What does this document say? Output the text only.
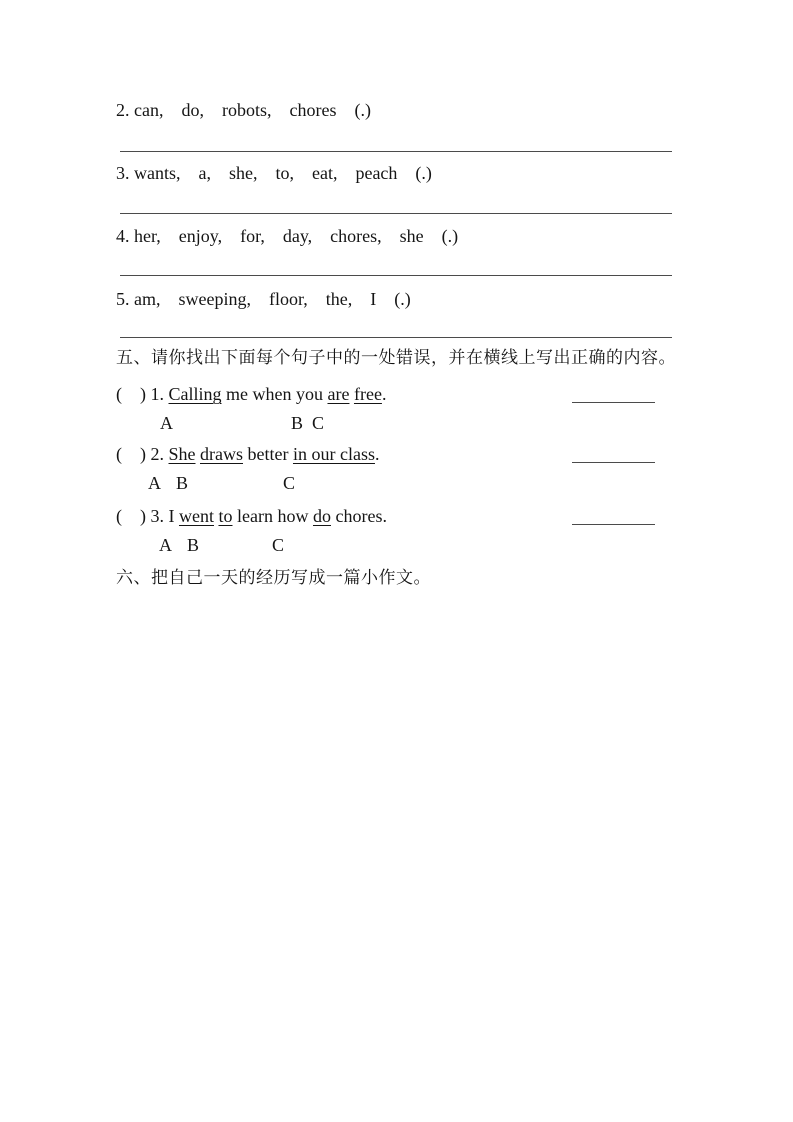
2. can,    do,    robots,    chores    (.)
3. wants,    a,    she,    to,    eat,    peach    (.)
4. her,    enjoy,    for,    day,    chores,    she    (.)
5. am,    sweeping,    floor,    the,    I    (.)
五、请你找出下面每个句子中的一处错误，并在横线上写出正确的内容。
(    ) 1. Calling me when you are free.
A	B C
(    ) 2. She draws better in our class.
A B	C
(    ) 3. I went to learn how do chores.
A B	C
六、把自己一天的经历写成一篇小作文。
